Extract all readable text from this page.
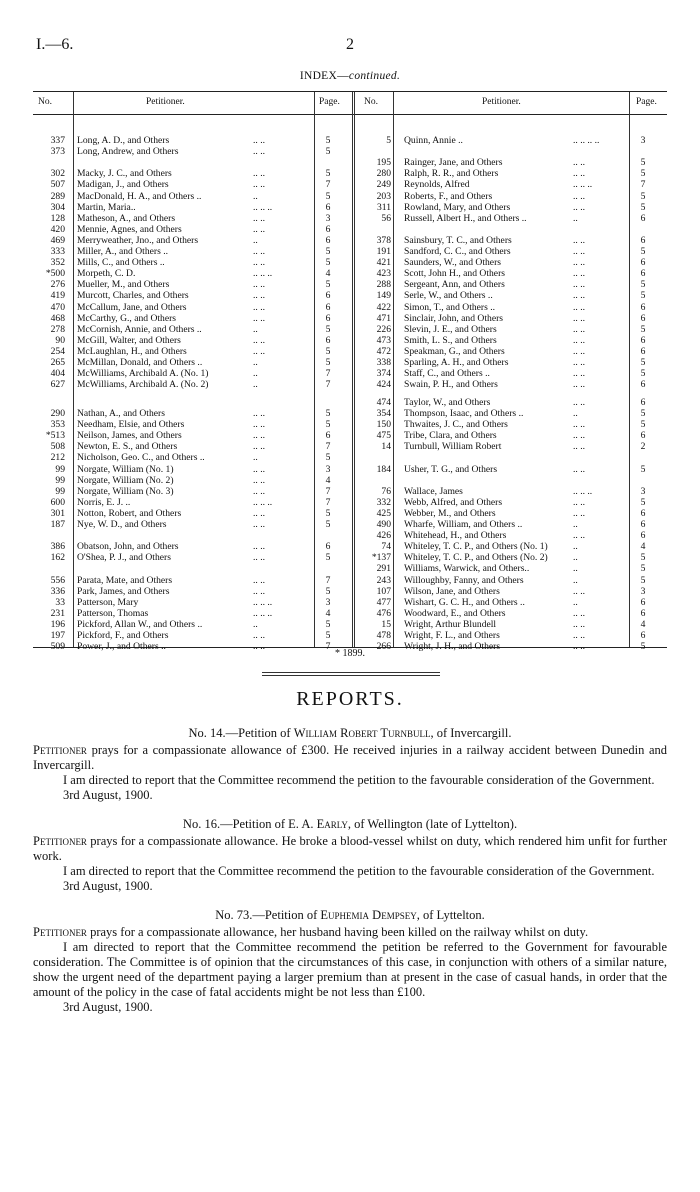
I.—6.	2
INDEX—continued.
No.	Petitioner.	Page.	No.	Petitioner.	Page.
337 Long, A. D., and Others	.. ..	5
373 Long, Andrew, and Others	.. ..	5
302 Macky, J. C., and Others	.. ..	5
507 Madigan, J., and Others	.. ..	7
289 MacDonald, H. A., and Others ..	..	5
304 Martin, Maria..	.. .. ..	6
128 Matheson, A., and Others	.. ..	3
420 Mennie, Agnes, and Others	.. ..	6
469 Merryweather, Jno., and Others	..	6
333 Miller, A., and Others ..	.. ..	5
352 Mills, C., and Others ..	.. ..	5
*500 Morpeth, C. D.	.. .. ..	4
276 Mueller, M., and Others	.. ..	5
419 Murcott, Charles, and Others	.. ..	6
470 McCallum, Jane, and Others	.. ..	6
468 McCarthy, G., and Others	.. ..	6
278 McCornish, Annie, and Others ..	..	5
90 McGill, Walter, and Others	.. ..	6
254 McLaughlan, H., and Others	.. ..	5
265 McMillan, Donald, and Others ..	..	5
404 McWilliams, Archibald A. (No. 1)	..	7
627 McWilliams, Archibald A. (No. 2)	..	7
290 Nathan, A., and Others	.. ..	5
353 Needham, Elsie, and Others	.. ..	5
*513 Neilson, James, and Others	.. ..	6
508 Newton, E. S., and Others	.. ..	7
212 Nicholson, Geo. C., and Others ..	..	5
99 Norgate, William (No. 1)	.. ..	3
99 Norgate, William (No. 2)	.. ..	4
99 Norgate, William (No. 3)	.. ..	7
600 Norris, E. J. ..	.. .. ..	7
301 Notton, Robert, and Others	.. ..	5
187 Nye, W. D., and Others	.. ..	5
386 Obatson, John, and Others	.. ..	6
162 O'Shea, P. J., and Others	.. ..	5
556 Parata, Mate, and Others	.. ..	7
336 Park, James, and Others	.. ..	5
33 Patterson, Mary	.. .. ..	3
231 Patterson, Thomas	.. .. ..	4
196 Pickford, Allan W., and Others ..	..	5
197 Pickford, F., and Others	.. ..	5
509 Power, J., and Others ..	.. ..	7
5 Quinn, Annie ..	.. .. .. ..	3
195 Rainger, Jane, and Others	.. ..	5
280 Ralph, R. R., and Others	.. ..	5
249 Reynolds, Alfred	.. .. ..	7
203 Roberts, F., and Others	.. ..	5
311 Rowland, Mary, and Others	.. ..	5
56 Russell, Albert H., and Others ..	..	6
378 Sainsbury, T. C., and Others	.. ..	6
191 Sandford, C. C., and Others	.. ..	5
421 Saunders, W., and Others	.. ..	6
423 Scott, John H., and Others	.. ..	6
288 Sergeant, Ann, and Others	.. ..	5
149 Serle, W., and Others ..	.. ..	5
422 Simon, T., and Others ..	.. ..	6
471 Sinclair, John, and Others	.. ..	6
226 Slevin, J. E., and Others	.. ..	5
473 Smith, L. S., and Others	.. ..	6
472 Speakman, G., and Others	.. ..	6
338 Sparling, A. H., and Others	.. ..	5
374 Staff, C., and Others ..	.. ..	5
424 Swain, P. H., and Others	.. ..	6
474 Taylor, W., and Others	.. ..	6
354 Thompson, Isaac, and Others ..	..	5
150 Thwaites, J. C., and Others	.. ..	5
475 Tribe, Clara, and Others	.. ..	6
14 Turnbull, William Robert	.. ..	2
184 Usher, T. G., and Others	.. ..	5
76 Wallace, James	.. .. ..	3
332 Webb, Alfred, and Others	.. ..	5
425 Webber, M., and Others	.. ..	6
490 Wharfe, William, and Others ..	..	6
426 Whitehead, H., and Others	.. ..	6
74 Whiteley, T. C. P., and Others (No. 1)	..	4
*137 Whiteley, T. C. P., and Others (No. 2)	..	5
291 Williams, Warwick, and Others..	..	5
243 Willoughby, Fanny, and Others	..	5
107 Wilson, Jane, and Others	.. ..	3
477 Wishart, G. C. H., and Others ..	..	6
476 Woodward, E., and Others	.. ..	6
15 Wright, Arthur Blundell	.. ..	4
478 Wright, F. L., and Others	.. ..	6
266 Wright, J. H., and Others	.. ..	5
* 1899.
REPORTS.
No. 14.—Petition of William Robert Turnbull, of Invercargill.
Petitioner prays for a compassionate allowance of £300. He received injuries in a railway accident between Dunedin and Invercargill.
I am directed to report that the Committee recommend the petition to the favourable consideration of the Government.
3rd August, 1900.
No. 16.—Petition of E. A. Early, of Wellington (late of Lyttelton).
Petitioner prays for a compassionate allowance. He broke a blood-vessel whilst on duty, which rendered him unfit for further work.
I am directed to report that the Committee recommend the petition to the favourable consideration of the Government.
3rd August, 1900.
No. 73.—Petition of Euphemia Dempsey, of Lyttelton.
Petitioner prays for a compassionate allowance, her husband having been killed on the railway whilst on duty.
I am directed to report that the Committee recommend the petition be referred to the Government for favourable consideration. The Committee is of opinion that the circumstances of this case, in conjunction with others of a similar nature, show the urgent need of the department paying a larger premium than at present in the case of casual hands, in order that the amount of the policy in the case of fatal accidents might be not less than £100.
3rd August, 1900.
